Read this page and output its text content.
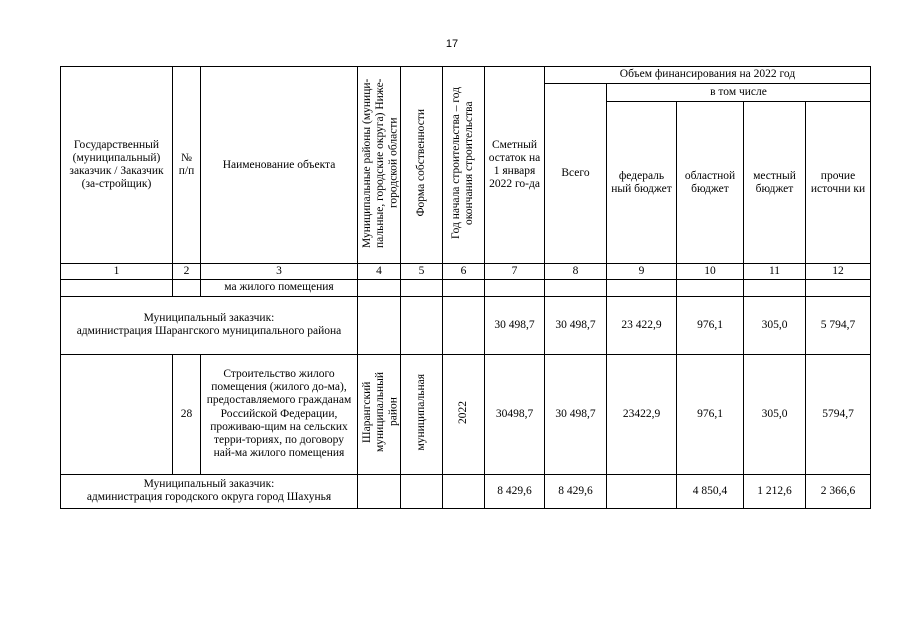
17
Государственный (муниципальный) заказчик / Заказчик (за-стройщик)	№ п/п	Наименование объекта	Муниципальные районы (муници-пальные, городские округа) Ниже-городской области	Форма собственности	Год начала строительства – год окончания строительства	Сметный остаток на 1 января 2022 го-да	Объем финансирования на 2022 год				
							Всего	в том числе			
								федераль ный бюджет	областной бюджет	местный бюджет	прочие источни ки
1	2	3	4	5	6	7	8	9	10	11	12
		ма жилого помещения									
Муниципальный заказчик:
администрация Шарангского муниципального района						30 498,7	30 498,7	23 422,9	976,1	305,0	5 794,7
	28	Строительство жилого помещения (жилого до-ма), предоставляемого гражданам Российской Федерации, проживаю-щим на сельских терри-ториях, по договору най-ма жилого помещения	Шарангский муниципальный район	муниципальная	2022	30498,7	30 498,7	23422,9	976,1	305,0	5794,7
Муниципальный заказчик:
администрация городского округа город Шахунья						8 429,6	8 429,6		4 850,4	1 212,6	2 366,6
